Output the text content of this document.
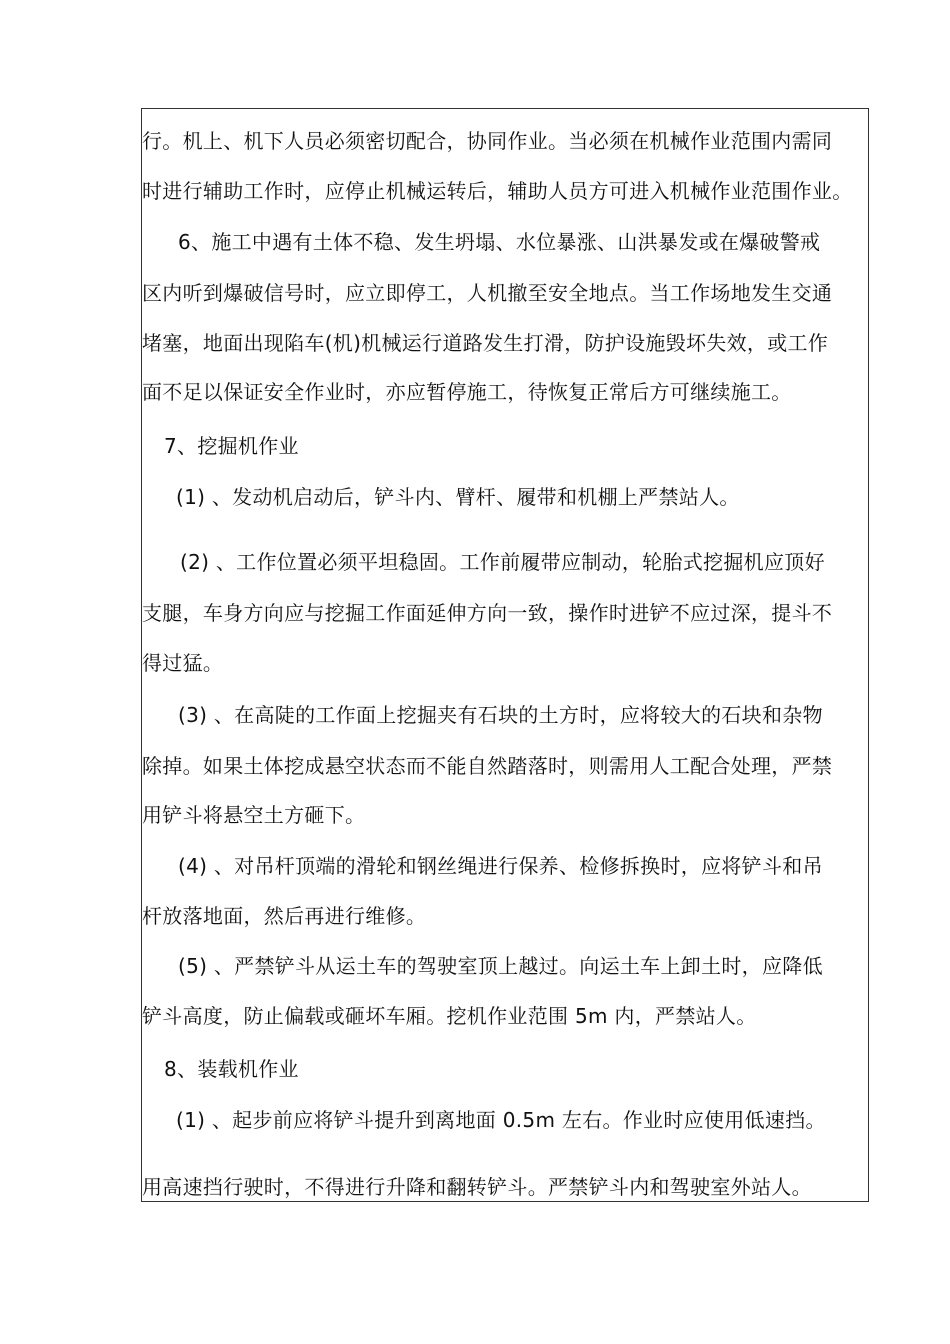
行。机上、机下人员必须密切配合，协同作业。当必须在机械作业范围内需同
时进行辅助工作时，应停止机械运转后，辅助人员方可进入机械作业范围作业。
6、施工中遇有土体不稳、发生坍塌、水位暴涨、山洪暴发或在爆破警戒
区内听到爆破信号时，应立即停工，人机撤至安全地点。当工作场地发生交通
堵塞，地面出现陷车(机)机械运行道路发生打滑，防护设施毁坏失效，或工作
面不足以保证安全作业时，亦应暂停施工，待恢复正常后方可继续施工。
7、挖掘机作业
(1) 、发动机启动后，铲斗内、臂杆、履带和机棚上严禁站人。
(2) 、工作位置必须平坦稳固。工作前履带应制动，轮胎式挖掘机应顶好
支腿，车身方向应与挖掘工作面延伸方向一致，操作时进铲不应过深，提斗不
得过猛。
(3) 、在高陡的工作面上挖掘夹有石块的土方时，应将较大的石块和杂物
除掉。如果土体挖成悬空状态而不能自然踏落时，则需用人工配合处理，严禁
用铲斗将悬空土方砸下。
(4) 、对吊杆顶端的滑轮和钢丝绳进行保养、检修拆换时，应将铲斗和吊
杆放落地面，然后再进行维修。
(5) 、严禁铲斗从运土车的驾驶室顶上越过。向运土车上卸土时，应降低
铲斗高度，防止偏载或砸坏车厢。挖机作业范围 5m 内，严禁站人。
8、装载机作业
(1) 、起步前应将铲斗提升到离地面 0.5m 左右。作业时应使用低速挡。
用高速挡行驶时，不得进行升降和翻转铲斗。严禁铲斗内和驾驶室外站人。
